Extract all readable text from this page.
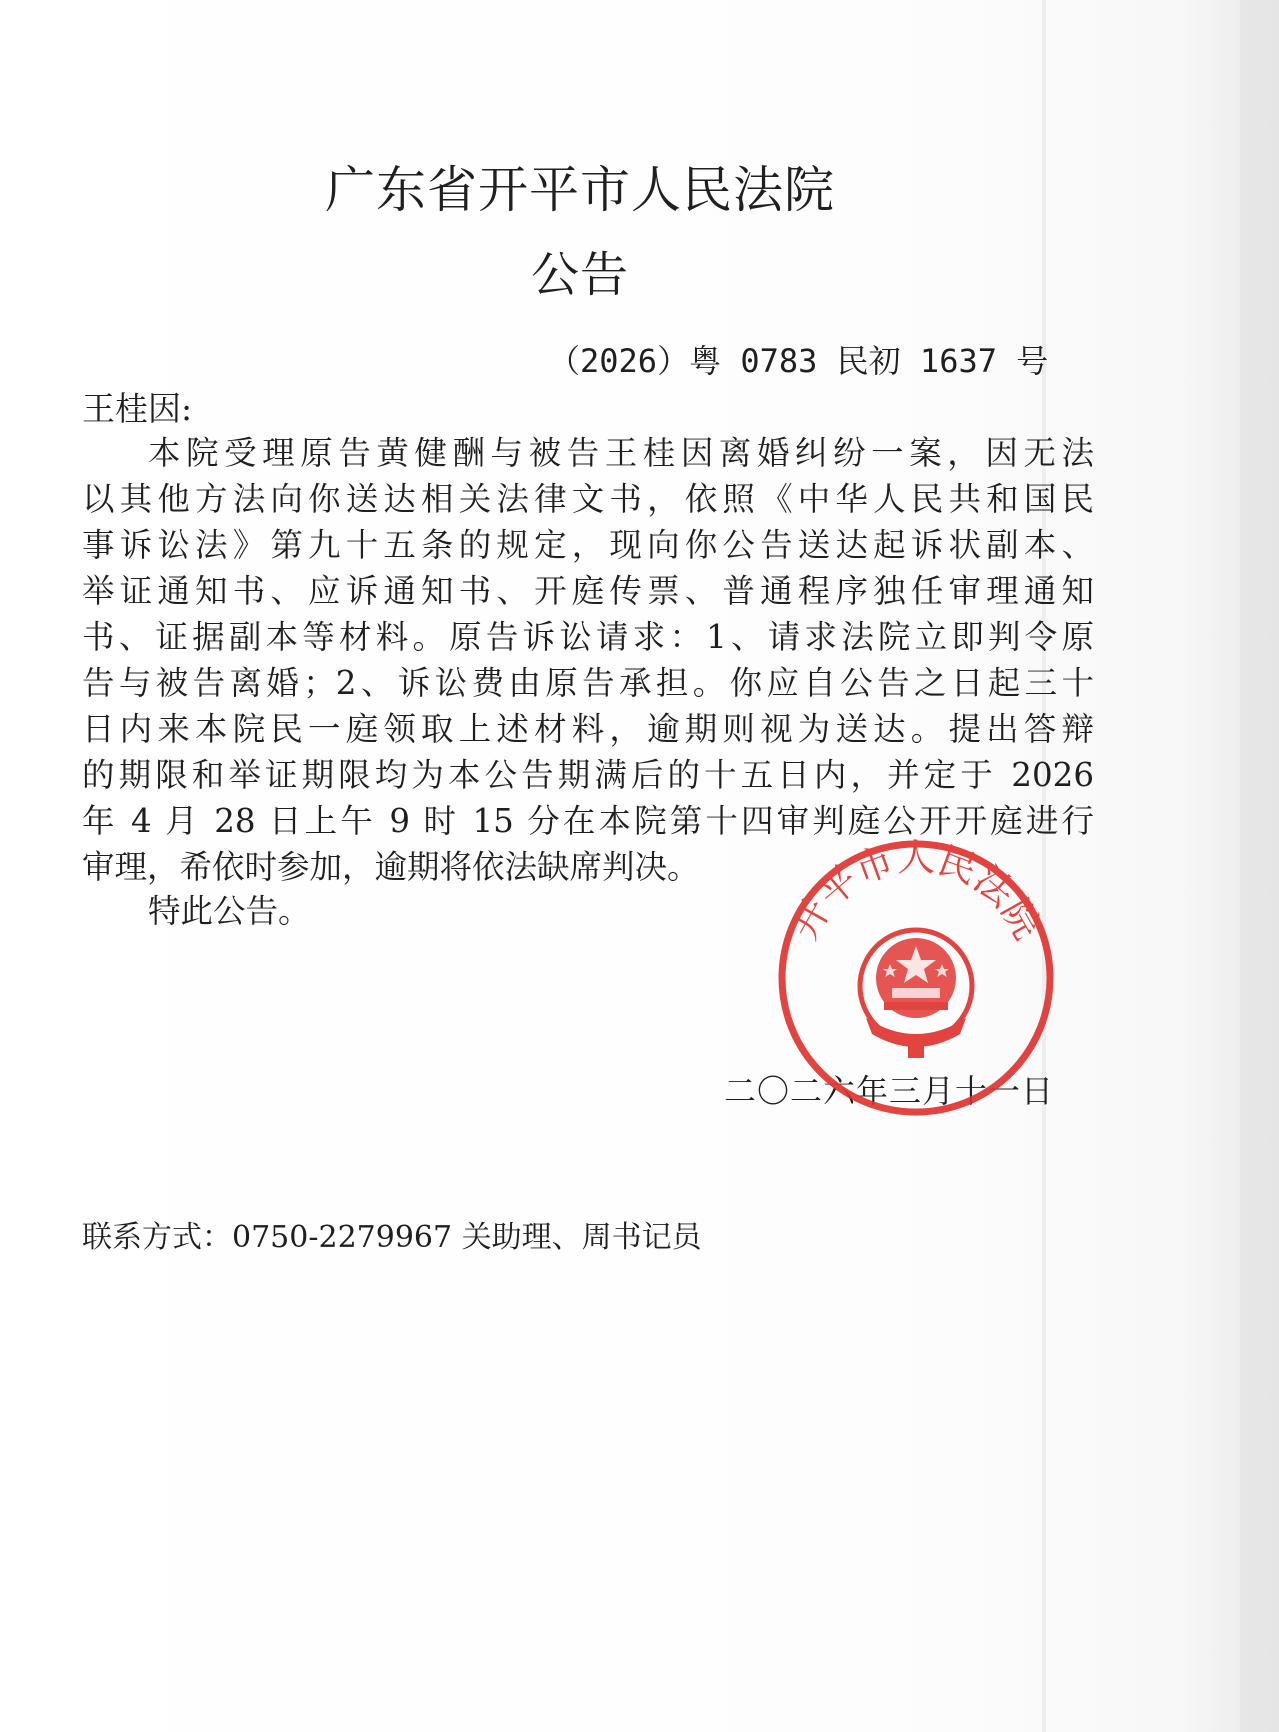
广东省开平市人民法院
公告
（2026）粤 0783 民初 1637 号
王桂因:
本院受理原告黄健酬与被告王桂因离婚纠纷一案，因无法
以其他方法向你送达相关法律文书，依照《中华人民共和国民
事诉讼法》第九十五条的规定，现向你公告送达起诉状副本、
举证通知书、应诉通知书、开庭传票、普通程序独任审理通知
书、证据副本等材料。原告诉讼请求：1、请求法院立即判令原
告与被告离婚；2、诉讼费由原告承担。你应自公告之日起三十
日内来本院民一庭领取上述材料，逾期则视为送达。提出答辩
的期限和举证期限均为本公告期满后的十五日内，并定于 2026
年 4 月 28 日上午 9 时 15 分在本院第十四审判庭公开开庭进行
审理，希依时参加，逾期将依法缺席判决。
特此公告。
二〇二六年三月十一日
开平市人民法院
联系方式：0750-2279967 关助理、周书记员
